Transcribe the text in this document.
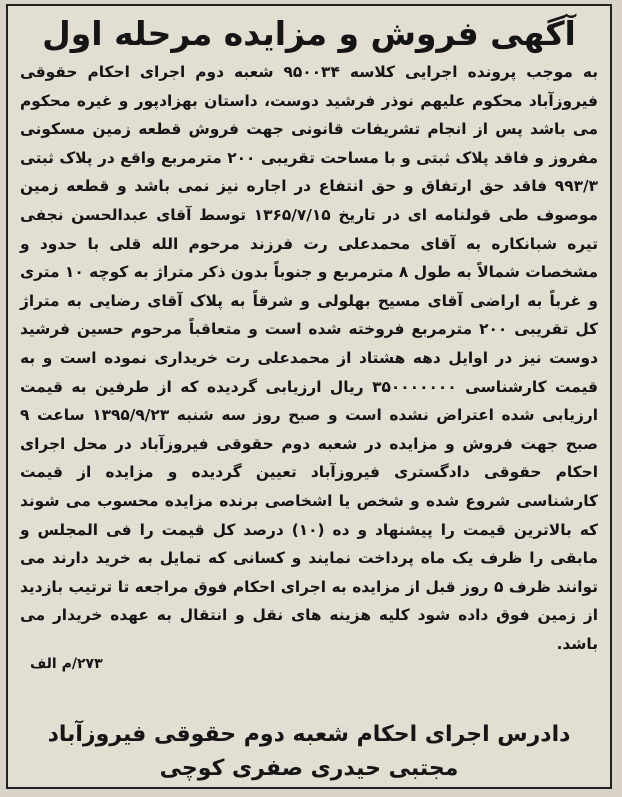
آگهی فروش و مزایده مرحله اول
به موجب پرونده اجرایی کلاسه ۹۵۰۰۳۴ شعبه دوم اجرای احکام حقوقی فیروزآباد محکوم علیهم نوذر فرشید دوست، داستان بهزادپور و غیره محکوم می باشد پس از انجام تشریفات قانونی جهت فروش قطعه زمین مسکونی مفروز و فاقد پلاک ثبتی و با مساحت تقریبی ۲۰۰ مترمربع واقع در پلاک ثبتی ۹۹۳/۳ فاقد حق ارتفاق و حق انتفاع در اجاره نیز نمی باشد و قطعه زمین موصوف طی قولنامه ای در تاریخ ۱۳۶۵/۷/۱۵ توسط آقای عبدالحسن نجفی تیره شبانکاره به آقای محمدعلی رت فرزند مرحوم الله قلی با حدود و مشخصات شمالاً به طول ۸ مترمربع و جنوباً بدون ذکر متراژ به کوچه ۱۰ متری و غرباً به اراضی آقای مسیح بهلولی و شرقاً به پلاک آقای رضایی به متراژ کل تقریبی ۲۰۰ مترمربع فروخته شده است و متعاقباً مرحوم حسین فرشید دوست نیز در اوایل دهه هشتاد از محمدعلی رت خریداری نموده است و به قیمت کارشناسی ۳۵۰۰۰۰۰۰۰ ریال ارزیابی گردیده که از طرفین به قیمت ارزیابی شده اعتراض نشده است و صبح روز سه شنبه ۱۳۹۵/۹/۲۳ ساعت ۹ صبح جهت فروش و مزایده در شعبه دوم حقوقی فیروزآباد در محل اجرای احکام حقوقی دادگستری فیروزآباد تعیین گردیده و مزایده از قیمت کارشناسی شروع شده و شخص یا اشخاصی برنده مزایده محسوب می شوند که بالاترین قیمت را پیشنهاد و ده (۱۰) درصد کل قیمت را فی المجلس و مابقی را ظرف یک ماه پرداخت نمایند و کسانی که تمایل به خرید دارند می توانند ظرف ۵ روز قبل از مزایده به اجرای احکام فوق مراجعه تا ترتیب بازدید از زمین فوق داده شود کلیه هزینه های نقل و انتقال به عهده خریدار می باشد.
۲۷۳/م الف
دادرس اجرای احکام شعبه دوم حقوقی فیروزآباد
مجتبی حیدری صفری کوچی
